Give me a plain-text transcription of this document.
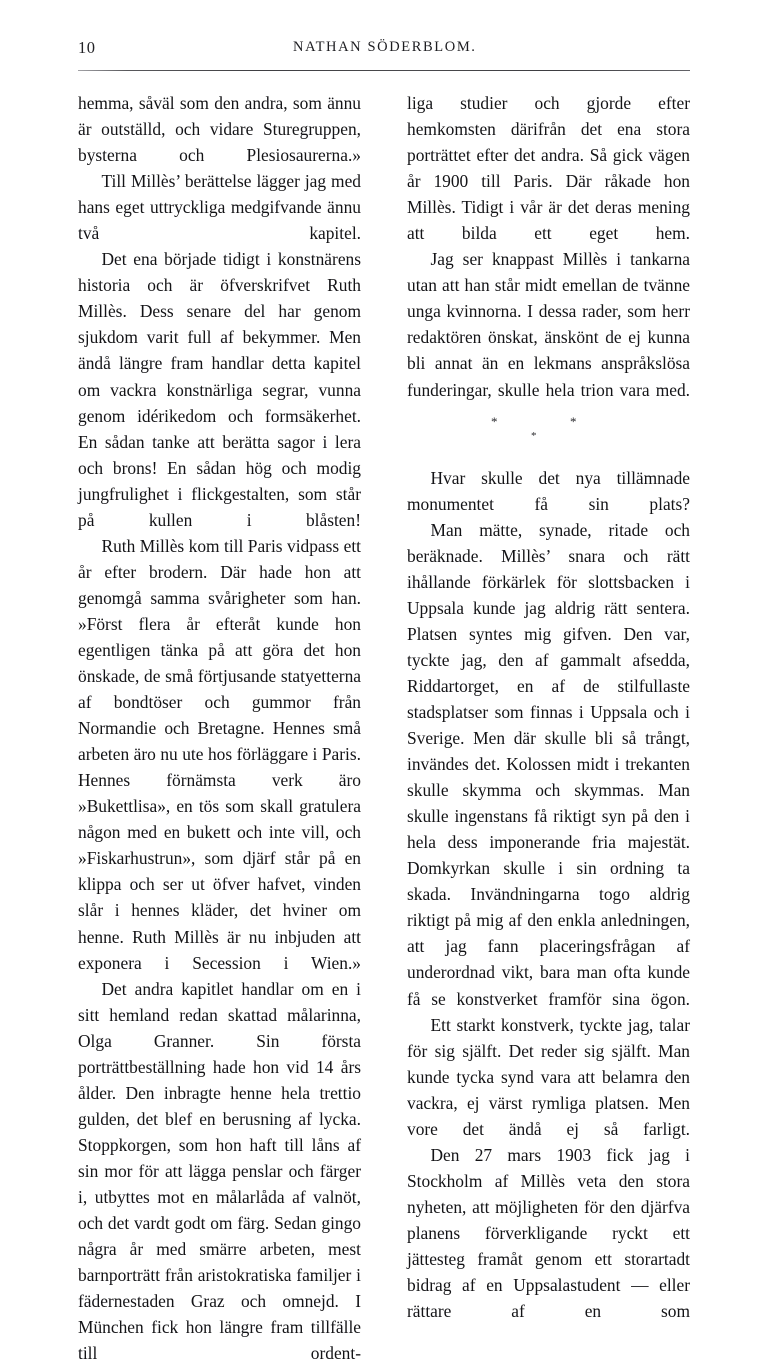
10	NATHAN SÖDERBLOM.

hemma, såväl som den andra, som ännu är outställd, och vidare Sturegruppen, bysterna och Plesiosaurerna.»

Till Millès’ berättelse lägger jag med hans eget uttryckliga medgifvande ännu två kapitel.

Det ena började tidigt i konstnärens historia och är öfverskrifvet Ruth Millès. Dess senare del har genom sjukdom varit full af bekymmer. Men ändå längre fram handlar detta kapitel om vackra konstnärliga segrar, vunna genom idérikedom och formsäkerhet. En sådan tanke att berätta sagor i lera och brons! En sådan hög och modig jungfrulighet i flickgestalten, som står på kullen i blåsten!

Ruth Millès kom till Paris vidpass ett år efter brodern. Där hade hon att genomgå samma svårigheter som han. »Först flera år efteråt kunde hon egentligen tänka på att göra det hon önskade, de små förtjusande statyetterna af bondtöser och gummor från Normandie och Bretagne. Hennes små arbeten äro nu ute hos förläggare i Paris. Hennes förnämsta verk äro »Bukettlisa», en tös som skall gratulera någon med en bukett och inte vill, och »Fiskarhustrun», som djärf står på en klippa och ser ut öfver hafvet, vinden slår i hennes kläder, det hviner om henne. Ruth Millès är nu inbjuden att exponera i Secession i Wien.»

Det andra kapitlet handlar om en i sitt hemland redan skattad målarinna, Olga Granner. Sin första porträttbeställning hade hon vid 14 års ålder. Den inbragte henne hela trettio gulden, det blef en berusning af lycka. Stoppkorgen, som hon haft till låns af sin mor för att lägga penslar och färger i, utbyttes mot en målarlåda af valnöt, och det vardt godt om färg. Sedan gingo några år med smärre arbeten, mest barnporträtt från aristokratiska familjer i fädernestaden Graz och omnejd. I München fick hon längre fram tillfälle till ordent-

liga studier och gjorde efter hemkomsten därifrån det ena stora porträttet efter det andra. Så gick vägen år 1900 till Paris. Där råkade hon Millès. Tidigt i vår är det deras mening att bilda ett eget hem.

Jag ser knappast Millès i tankarna utan att han står midt emellan de tvänne unga kvinnorna. I dessa rader, som herr redaktören önskat, änskönt de ej kunna bli annat än en lekmans anspråkslösa funderingar, skulle hela trion vara med.

*	*
*

Hvar skulle det nya tillämnade monumentet få sin plats?

Man mätte, synade, ritade och beräknade. Millès’ snara och rätt ihållande förkärlek för slottsbacken i Uppsala kunde jag aldrig rätt sentera. Platsen syntes mig gifven. Den var, tyckte jag, den af gammalt afsedda, Riddartorget, en af de stilfullaste stadsplatser som finnas i Uppsala och i Sverige. Men där skulle bli så trångt, invändes det. Kolossen midt i trekanten skulle skymma och skymmas. Man skulle ingenstans få riktigt syn på den i hela dess imponerande fria majestät. Domkyrkan skulle i sin ordning ta skada. Invändningarna togo aldrig riktigt på mig af den enkla anledningen, att jag fann placeringsfrågan af underordnad vikt, bara man ofta kunde få se konstverket framför sina ögon.

Ett starkt konstverk, tyckte jag, talar för sig själft. Det reder sig själft. Man kunde tycka synd vara att belamra den vackra, ej värst rymliga platsen. Men vore det ändå ej så farligt.

Den 27 mars 1903 fick jag i Stockholm af Millès veta den stora nyheten, att möjligheten för den djärfva planens förverkligande ryckt ett jättesteg framåt genom ett storartadt bidrag af en Uppsalastudent — eller rättare af en som
